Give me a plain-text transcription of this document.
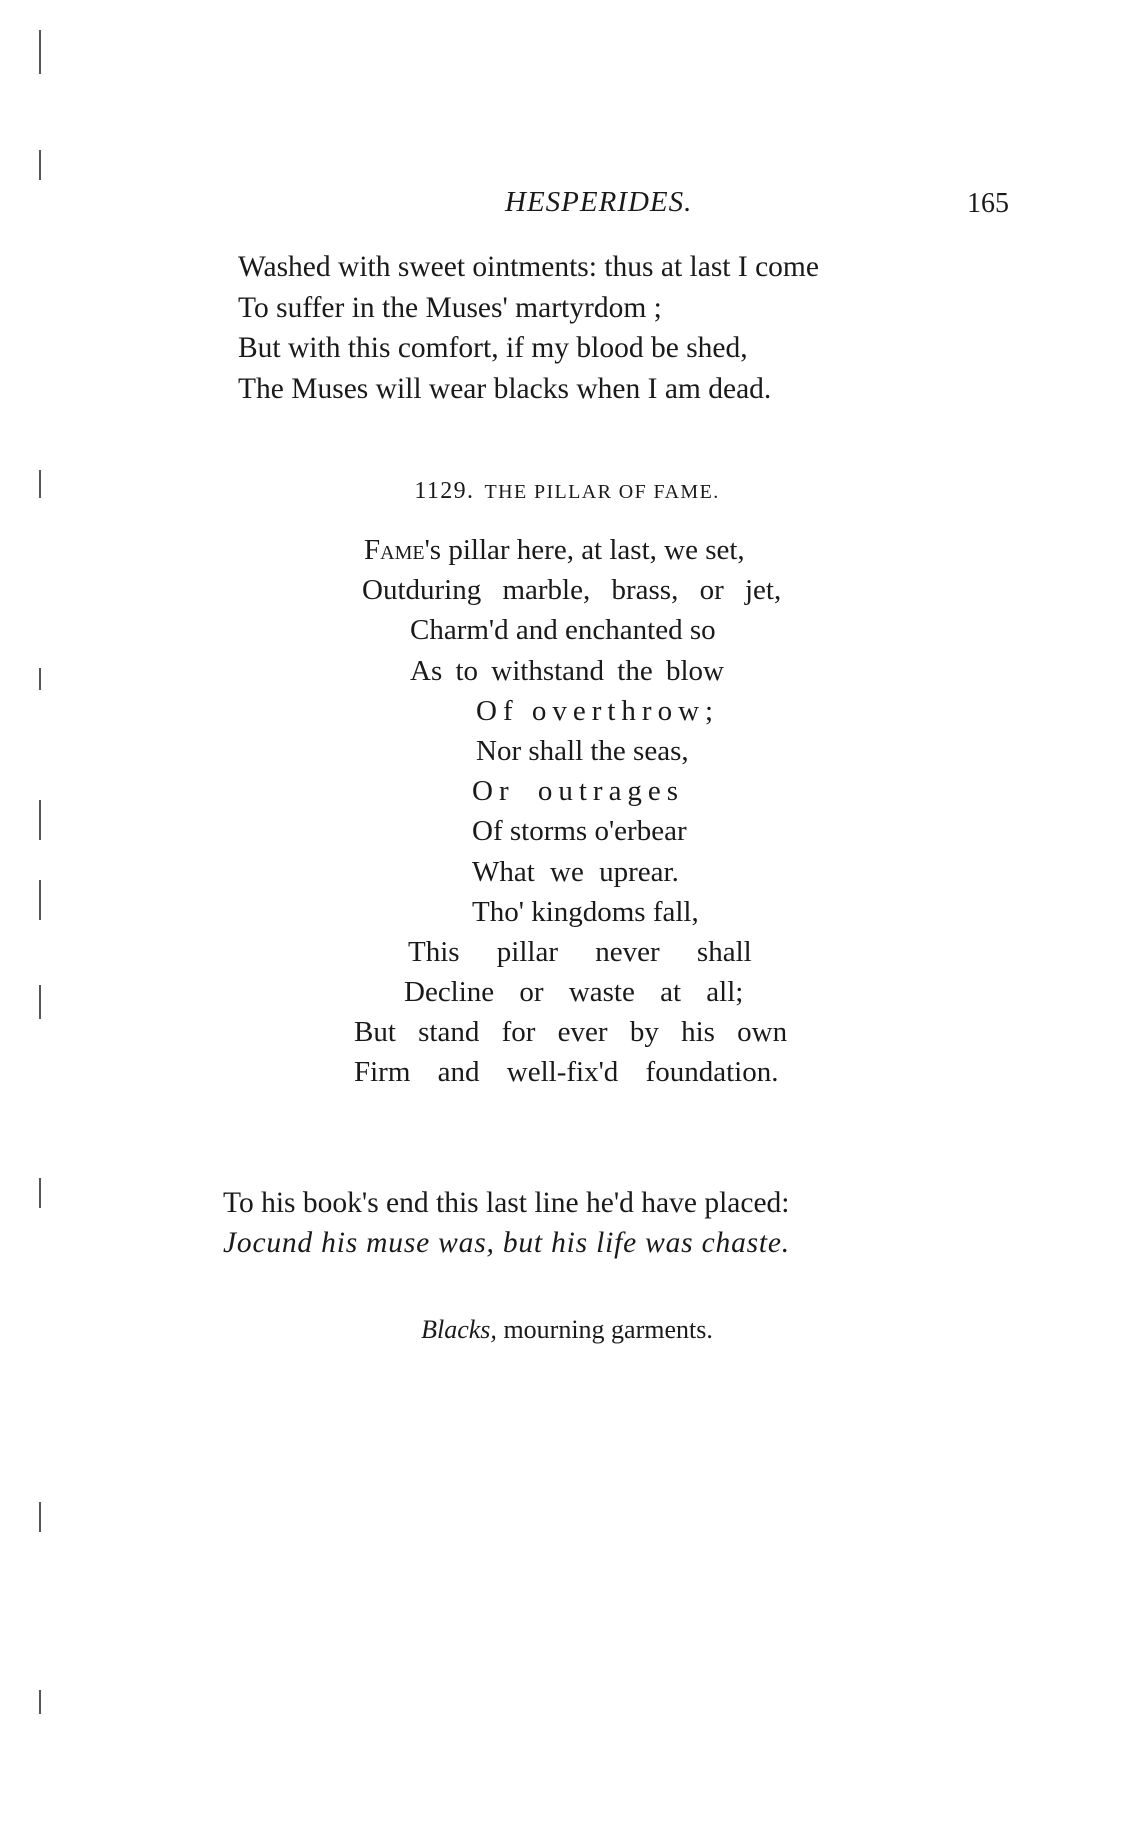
HESPERIDES.	165
Washed with sweet ointments: thus at last I come
To suffer in the Muses' martyrdom ;
But with this comfort, if my blood be shed,
The Muses will wear blacks when I am dead.
1129. THE PILLAR OF FAME.
Fame's pillar here, at last, we set,
Outduring marble, brass, or jet,
Charm'd and enchanted so
As to withstand the blow
Of overthrow;
Nor shall the seas,
Or outrages
Of storms o'erbear
What we uprear.
Tho' kingdoms fall,
This pillar never shall
Decline or waste at all;
But stand for ever by his own
Firm and well-fix'd foundation.
To his book's end this last line he'd have placed:
Jocund his muse was, but his life was chaste.
Blacks, mourning garments.
